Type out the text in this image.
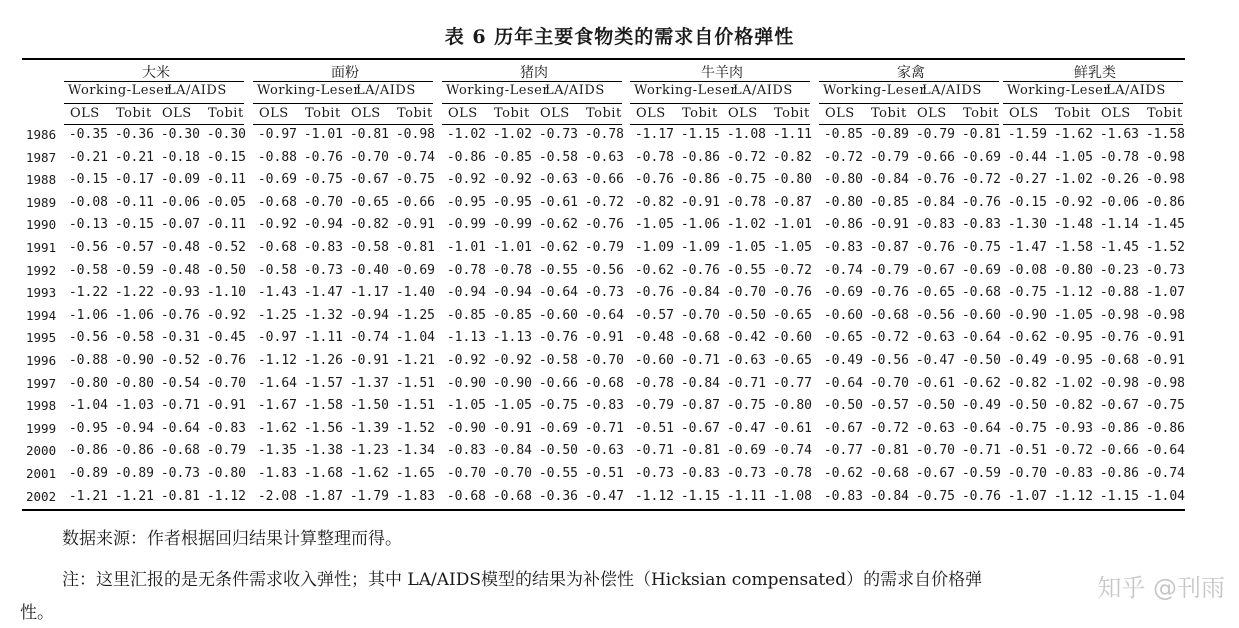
表 6 历年主要食物类的需求自价格弹性
大米
Working-Leser
LA/AIDS
OLS Tobit OLS Tobit
面粉
Working-Leser
LA/AIDS
OLS Tobit OLS Tobit
猪肉
Working-Leser
LA/AIDS
OLS Tobit OLS Tobit
牛羊肉
Working-Leser
LA/AIDS
OLS Tobit OLS Tobit
家禽
Working-Leser
LA/AIDS
OLS Tobit OLS Tobit
鲜乳类
Working-Leser
LA/AIDS
OLS Tobit OLS Tobit
1986 -0.35 -0.36 -0.30 -0.30 -0.97 -1.01 -0.81 -0.98 -1.02 -1.02 -0.73 -0.78 -1.17 -1.15 -1.08 -1.11 -0.85 -0.89 -0.79 -0.81 -1.59 -1.62 -1.63 -1.58
1987 -0.21 -0.21 -0.18 -0.15 -0.88 -0.76 -0.70 -0.74 -0.86 -0.85 -0.58 -0.63 -0.78 -0.86 -0.72 -0.82 -0.72 -0.79 -0.66 -0.69 -0.44 -1.05 -0.78 -0.98
1988 -0.15 -0.17 -0.09 -0.11 -0.69 -0.75 -0.67 -0.75 -0.92 -0.92 -0.63 -0.66 -0.76 -0.86 -0.75 -0.80 -0.80 -0.84 -0.76 -0.72 -0.27 -1.02 -0.26 -0.98
1989 -0.08 -0.11 -0.06 -0.05 -0.68 -0.70 -0.65 -0.66 -0.95 -0.95 -0.61 -0.72 -0.82 -0.91 -0.78 -0.87 -0.80 -0.85 -0.84 -0.76 -0.15 -0.92 -0.06 -0.86
1990 -0.13 -0.15 -0.07 -0.11 -0.92 -0.94 -0.82 -0.91 -0.99 -0.99 -0.62 -0.76 -1.05 -1.06 -1.02 -1.01 -0.86 -0.91 -0.83 -0.83 -1.30 -1.48 -1.14 -1.45
1991 -0.56 -0.57 -0.48 -0.52 -0.68 -0.83 -0.58 -0.81 -1.01 -1.01 -0.62 -0.79 -1.09 -1.09 -1.05 -1.05 -0.83 -0.87 -0.76 -0.75 -1.47 -1.58 -1.45 -1.52
1992 -0.58 -0.59 -0.48 -0.50 -0.58 -0.73 -0.40 -0.69 -0.78 -0.78 -0.55 -0.56 -0.62 -0.76 -0.55 -0.72 -0.74 -0.79 -0.67 -0.69 -0.08 -0.80 -0.23 -0.73
1993 -1.22 -1.22 -0.93 -1.10 -1.43 -1.47 -1.17 -1.40 -0.94 -0.94 -0.64 -0.73 -0.76 -0.84 -0.70 -0.76 -0.69 -0.76 -0.65 -0.68 -0.75 -1.12 -0.88 -1.07
1994 -1.06 -1.06 -0.76 -0.92 -1.25 -1.32 -0.94 -1.25 -0.85 -0.85 -0.60 -0.64 -0.57 -0.70 -0.50 -0.65 -0.60 -0.68 -0.56 -0.60 -0.90 -1.05 -0.98 -0.98
1995 -0.56 -0.58 -0.31 -0.45 -0.97 -1.11 -0.74 -1.04 -1.13 -1.13 -0.76 -0.91 -0.48 -0.68 -0.42 -0.60 -0.65 -0.72 -0.63 -0.64 -0.62 -0.95 -0.76 -0.91
1996 -0.88 -0.90 -0.52 -0.76 -1.12 -1.26 -0.91 -1.21 -0.92 -0.92 -0.58 -0.70 -0.60 -0.71 -0.63 -0.65 -0.49 -0.56 -0.47 -0.50 -0.49 -0.95 -0.68 -0.91
1997 -0.80 -0.80 -0.54 -0.70 -1.64 -1.57 -1.37 -1.51 -0.90 -0.90 -0.66 -0.68 -0.78 -0.84 -0.71 -0.77 -0.64 -0.70 -0.61 -0.62 -0.82 -1.02 -0.98 -0.98
1998 -1.04 -1.03 -0.71 -0.91 -1.67 -1.58 -1.50 -1.51 -1.05 -1.05 -0.75 -0.83 -0.79 -0.87 -0.75 -0.80 -0.50 -0.57 -0.50 -0.49 -0.50 -0.82 -0.67 -0.75
1999 -0.95 -0.94 -0.64 -0.83 -1.62 -1.56 -1.39 -1.52 -0.90 -0.91 -0.69 -0.71 -0.51 -0.67 -0.47 -0.61 -0.67 -0.72 -0.63 -0.64 -0.75 -0.93 -0.86 -0.86
2000 -0.86 -0.86 -0.68 -0.79 -1.35 -1.38 -1.23 -1.34 -0.83 -0.84 -0.50 -0.63 -0.71 -0.81 -0.69 -0.74 -0.77 -0.81 -0.70 -0.71 -0.51 -0.72 -0.66 -0.64
2001 -0.89 -0.89 -0.73 -0.80 -1.83 -1.68 -1.62 -1.65 -0.70 -0.70 -0.55 -0.51 -0.73 -0.83 -0.73 -0.78 -0.62 -0.68 -0.67 -0.59 -0.70 -0.83 -0.86 -0.74
2002 -1.21 -1.21 -0.81 -1.12 -2.08 -1.87 -1.79 -1.83 -0.68 -0.68 -0.36 -0.47 -1.12 -1.15 -1.11 -1.08 -0.83 -0.84 -0.75 -0.76 -1.07 -1.12 -1.15 -1.04
数据来源：作者根据回归结果计算整理而得。
注：这里汇报的是无条件需求收入弹性；其中 LA/AIDS模型的结果为补偿性（Hicksian compensated）的需求自价格弹
性。
知乎 @刊雨
